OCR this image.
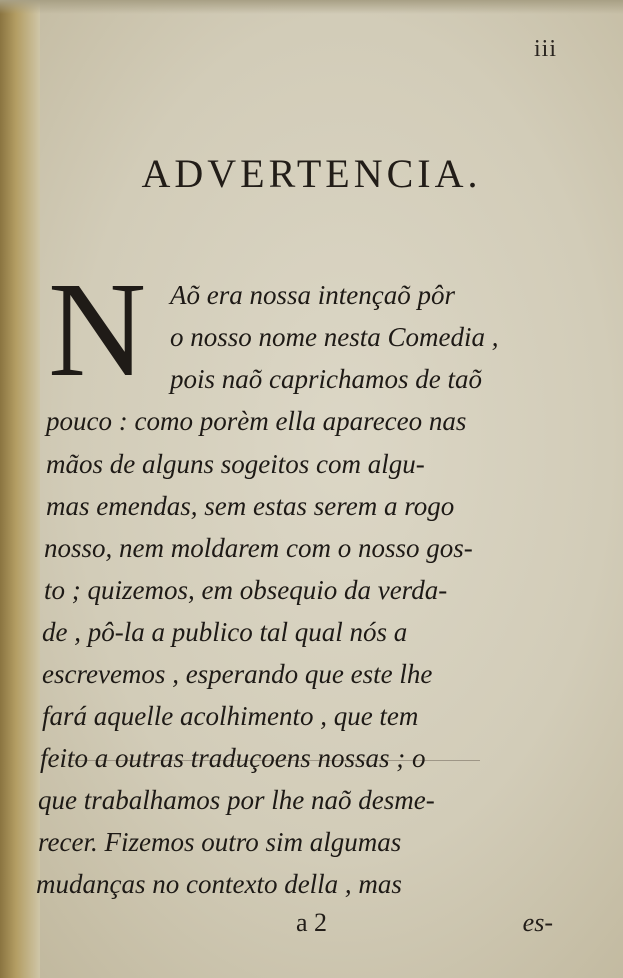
iii
ADVERTENCIA.
N Aõ era nossa intençaõ pôr
o nosso nome nesta Comedia ,
pois naõ caprichamos de taõ
pouco : como porèm ella apareceo nas
mãos de alguns sogeitos com algu-
mas emendas, sem estas serem a rogo
nosso, nem moldarem com o nosso gos-
to ; quizemos, em obsequio da verda-
de , pô-la a publico tal qual nós a
escrevemos , esperando que este lhe
fará aquelle acolhimento , que tem
feito a outras traduçoens nossas ; o
que trabalhamos por lhe naõ desme-
recer. Fizemos outro sim algumas
mudanças no contexto della , mas
a 2	es-
